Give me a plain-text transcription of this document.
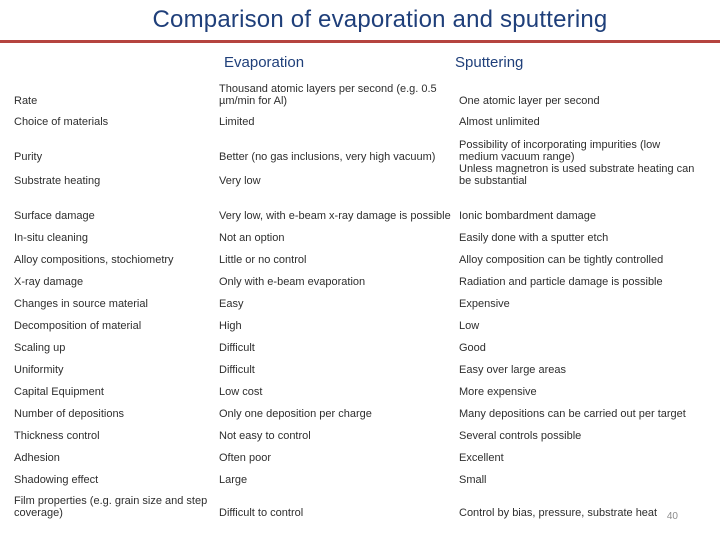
Comparison of evaporation and sputtering
Evaporation	Sputtering
Rate	Thousand atomic layers per second (e.g. 0.5 µm/min for Al)	One atomic layer per second
Choice of materials	Limited	Almost unlimited
Purity	Better (no gas inclusions, very high vacuum)	Possibility of incorporating impurities (low medium vacuum range)
Substrate heating	Very low	Unless magnetron is used substrate heating can be substantial
Surface damage	Very low, with e-beam x-ray damage is possible	Ionic bombardment damage
In-situ cleaning	Not an option	Easily done with a sputter etch
Alloy compositions, stochiometry	Little or no control	Alloy composition can be tightly controlled
X-ray damage	Only with e-beam evaporation	Radiation and particle damage is possible
Changes in source material	Easy	Expensive
Decomposition of material	High	Low
Scaling up	Difficult	Good
Uniformity	Difficult	Easy over large areas
Capital Equipment	Low cost	More expensive
Number of depositions	Only one deposition per charge	Many depositions can be carried out per target
Thickness control	Not easy to control	Several controls possible
Adhesion	Often poor	Excellent
Shadowing effect	Large	Small
Film properties (e.g. grain size and step coverage)	Difficult to control	Control by bias, pressure, substrate heat 40
